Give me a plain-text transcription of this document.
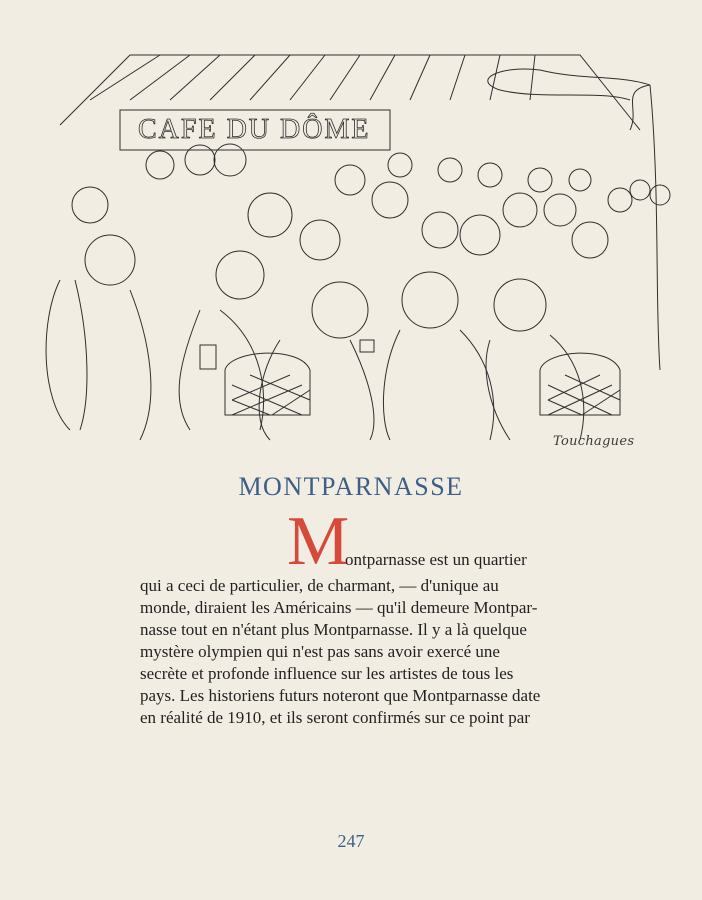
CAFE DU DÔME
Touchagues
MONTPARNASSE
M
ontparnasse est un quartier
qui a ceci de particulier, de charmant, — d'unique au
monde, diraient les Américains — qu'il demeure Montpar-
nasse tout en n'étant plus Montparnasse. Il y a là quelque
mystère olympien qui n'est pas sans avoir exercé une
secrète et profonde influence sur les artistes de tous les
pays. Les historiens futurs noteront que Montparnasse date
en réalité de 1910, et ils seront confirmés sur ce point par
247
